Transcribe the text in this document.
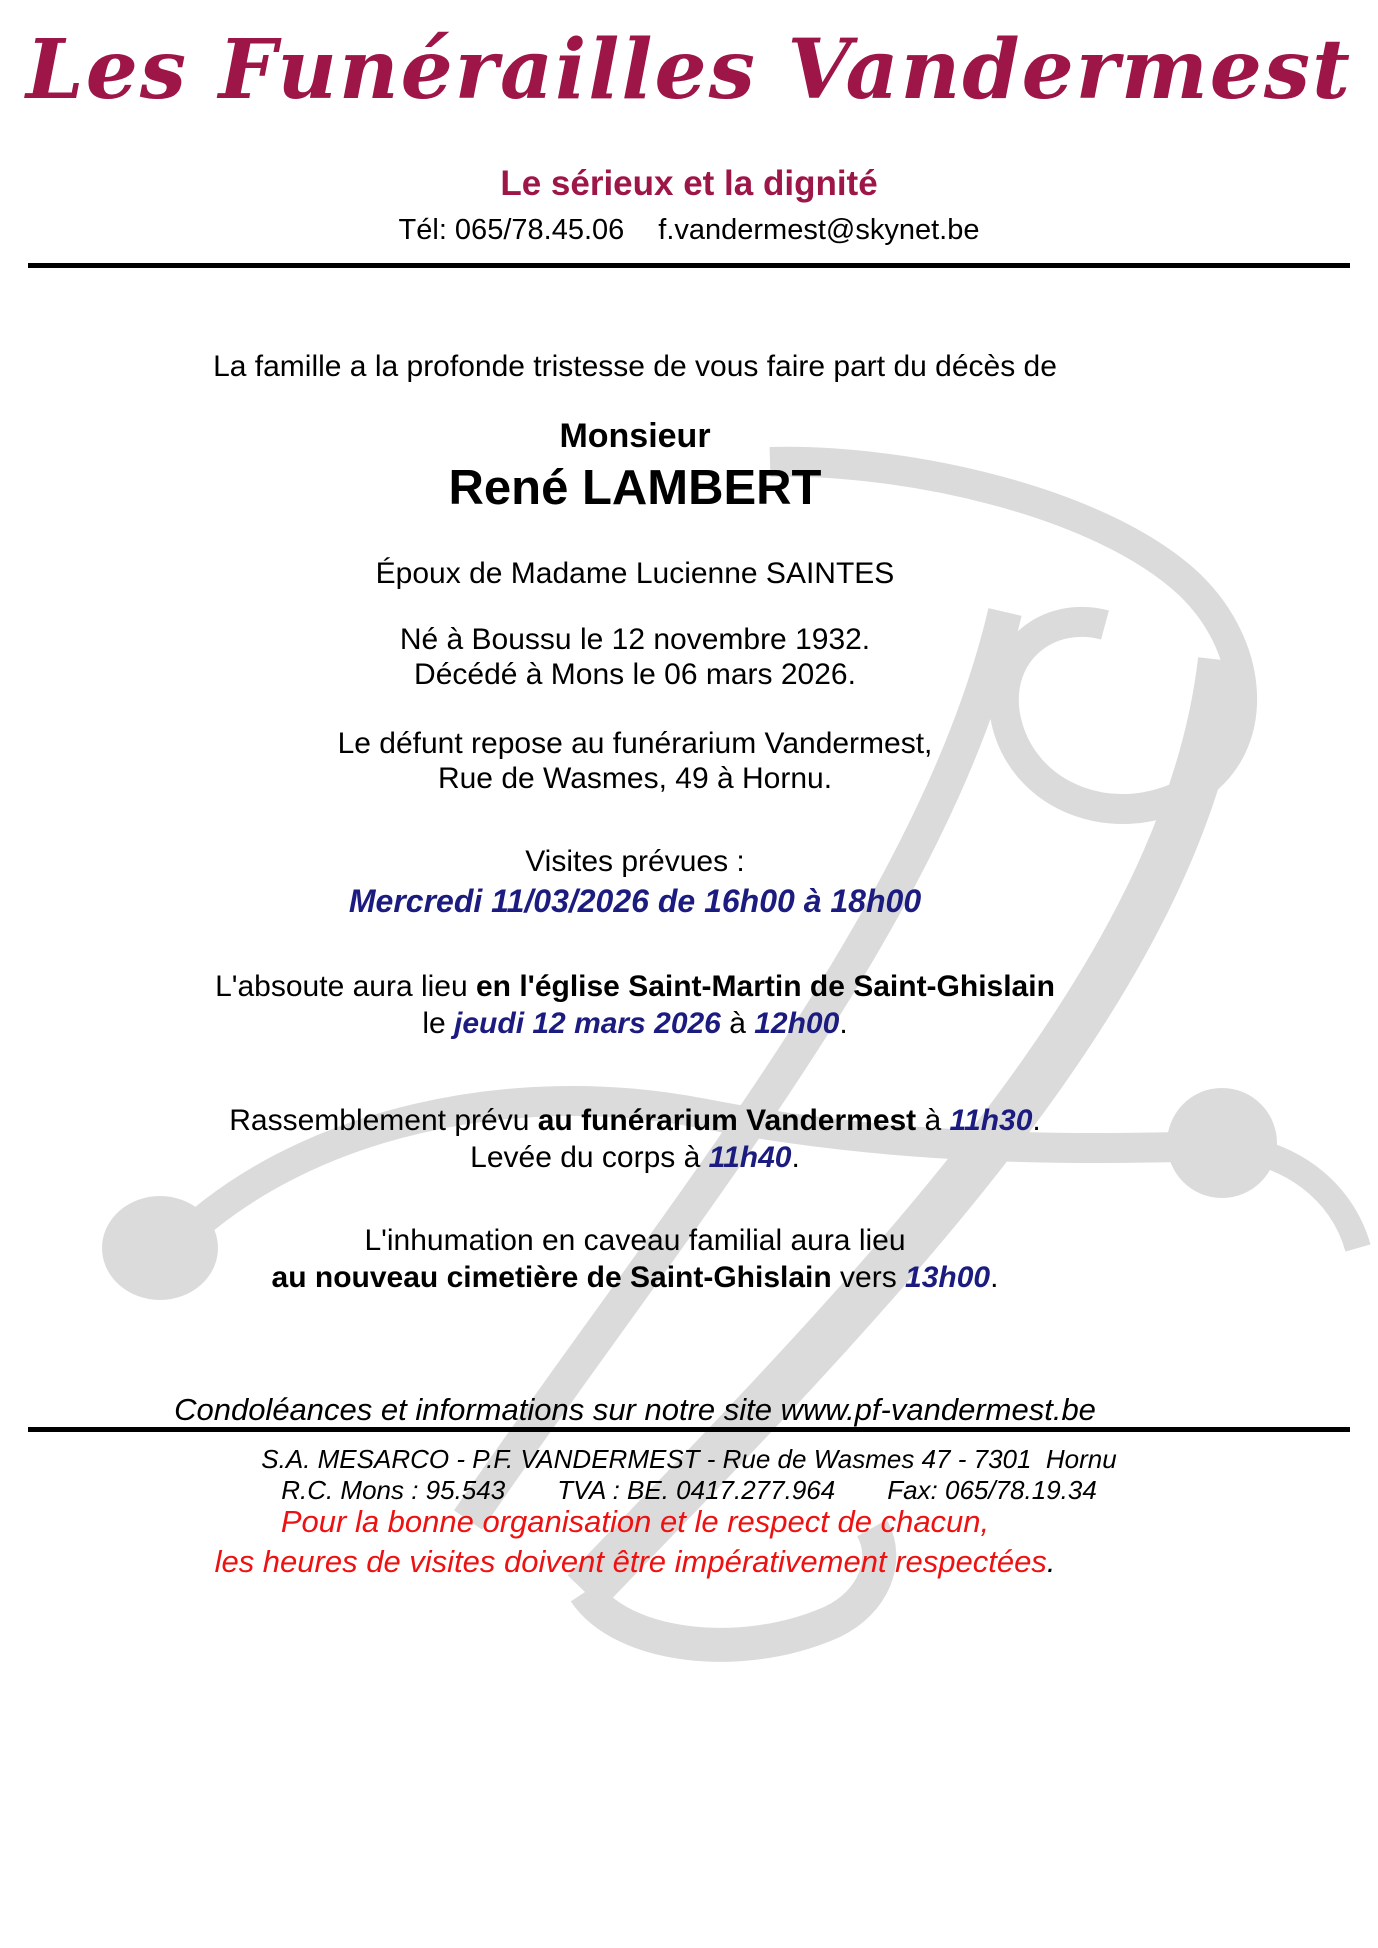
Les Funérailles Vandermest
Le sérieux et la dignité
Tél: 065/78.45.06 f.vandermest@skynet.be

La famille a la profonde tristesse de vous faire part du décès de

Monsieur

René LAMBERT

Époux de Madame Lucienne SAINTES

Né à Boussu le 12 novembre 1932.
Décédé à Mons le 06 mars 2026.

Le défunt repose au funérarium Vandermest,
Rue de Wasmes, 49 à Hornu.

Visites prévues :

Mercredi 11/03/2026 de 16h00 à 18h00

L'absoute aura lieu en l'église Saint-Martin de Saint-Ghislain
le jeudi 12 mars 2026 à 12h00.

Rassemblement prévu au funérarium Vandermest à 11h30.
Levée du corps à 11h40.

L'inhumation en caveau familial aura lieu
au nouveau cimetière de Saint-Ghislain vers 13h00.

Condoléances et informations sur notre site www.pf-vandermest.be

Pour la bonne organisation et le respect de chacun,
les heures de visites doivent être impérativement respectées.

S.A. MESARCO - P.F. VANDERMEST - Rue de Wasmes 47 - 7301  Hornu
R.C. Mons : 95.543 TVA : BE. 0417.277.964 Fax: 065/78.19.34
